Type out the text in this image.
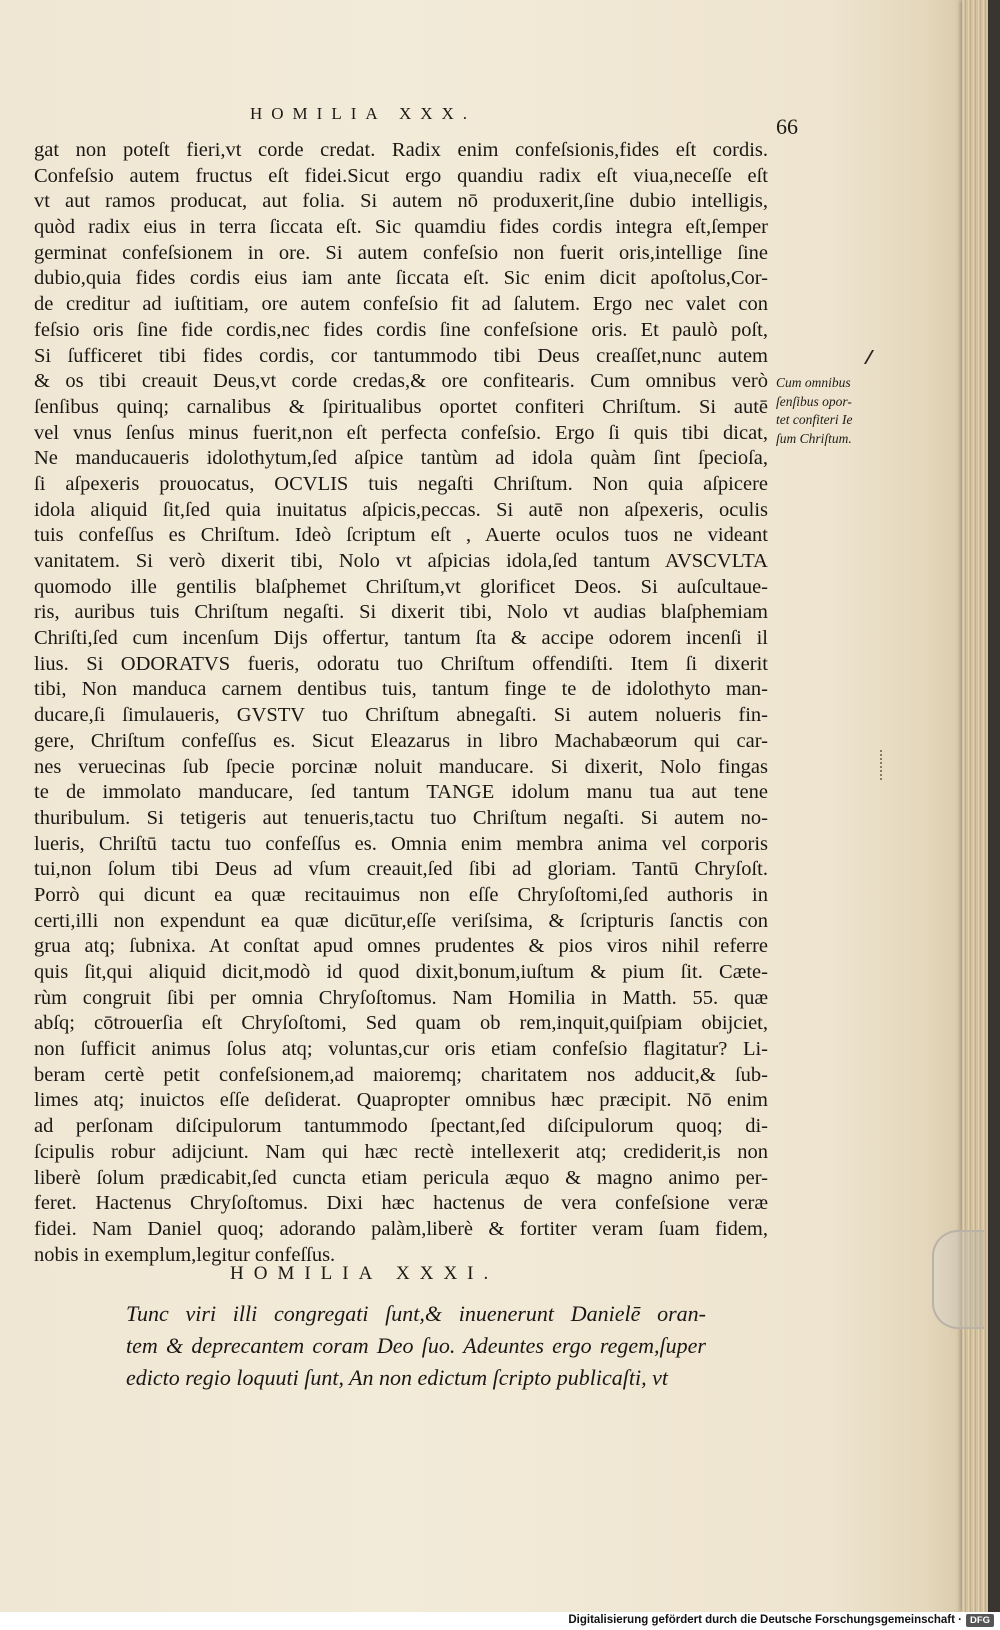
HOMILIA XXX.
66
gat non poteſt fieri,vt corde credat. Radix enim confeſsionis,fides eſt cordis.
Confeſsio autem fructus eſt fidei.Sicut ergo quandiu radix eſt viua,neceſſe eſt
vt aut ramos producat, aut folia. Si autem nō produxerit,ſine dubio intelligis,
quòd radix eius in terra ſiccata eſt. Sic quamdiu fides cordis integra eſt,ſemper
germinat confeſsionem in ore. Si autem confeſsio non fuerit oris,intellige ſine
dubio,quia fides cordis eius iam ante ſiccata eſt. Sic enim dicit apoſtolus,Cor-
de creditur ad iuſtitiam, ore autem confeſsio fit ad ſalutem. Ergo nec valet con
feſsio oris ſine fide cordis,nec fides cordis ſine confeſsione oris. Et paulò poſt,
Si ſufficeret tibi fides cordis, cor tantummodo tibi Deus creaſſet,nunc autem
& os tibi creauit Deus,vt corde credas,& ore confitearis. Cum omnibus verò
ſenſibus quinq; carnalibus & ſpiritualibus oportet confiteri Chriſtum. Si autē
vel vnus ſenſus minus fuerit,non eſt perfecta confeſsio. Ergo ſi quis tibi dicat,
Ne manducaueris idolothytum,ſed aſpice tantùm ad idola quàm ſint ſpecioſa,
ſi aſpexeris prouocatus, OCVLIS tuis negaſti Chriſtum. Non quia aſpicere
idola aliquid ſit,ſed quia inuitatus aſpicis,peccas. Si autē non aſpexeris, oculis
tuis confeſſus es Chriſtum. Ideò ſcriptum eſt , Auerte oculos tuos ne videant
vanitatem. Si verò dixerit tibi, Nolo vt aſpicias idola,ſed tantum AVSCVLTA
quomodo ille gentilis blaſphemet Chriſtum,vt glorificet Deos. Si auſcultaue-
ris, auribus tuis Chriſtum negaſti. Si dixerit tibi, Nolo vt audias blaſphemiam
Chriſti,ſed cum incenſum Dijs offertur, tantum ſta & accipe odorem incenſi il
lius. Si ODORATVS fueris, odoratu tuo Chriſtum offendiſti. Item ſi dixerit
tibi, Non manduca carnem dentibus tuis, tantum finge te de idolothyto man-
ducare,ſi ſimulaueris, GVSTV tuo Chriſtum abnegaſti. Si autem nolueris fin-
gere, Chriſtum confeſſus es. Sicut Eleazarus in libro Machabæorum qui car-
nes veruecinas ſub ſpecie porcinæ noluit manducare. Si dixerit, Nolo fingas
te de immolato manducare, ſed tantum TANGE idolum manu tua aut tene
thuribulum. Si tetigeris aut tenueris,tactu tuo Chriſtum negaſti. Si autem no-
lueris, Chriſtū tactu tuo confeſſus es. Omnia enim membra anima vel corporis
tui,non ſolum tibi Deus ad vſum creauit,ſed ſibi ad gloriam. Tantū Chryſoſt.
Porrò qui dicunt ea quæ recitauimus non eſſe Chryſoſtomi,ſed authoris in
certi,illi non expendunt ea quæ dicūtur,eſſe veriſsima, & ſcripturis ſanctis con
grua atq; ſubnixa. At conſtat apud omnes prudentes & pios viros nihil referre
quis ſit,qui aliquid dicit,modò id quod dixit,bonum,iuſtum & pium ſit. Cæte-
rùm congruit ſibi per omnia Chryſoſtomus. Nam Homilia in Matth. 55. quæ
abſq; cōtrouerſia eſt Chryſoſtomi, Sed quam ob rem,inquit,quiſpiam obijciet,
non ſufficit animus ſolus atq; voluntas,cur oris etiam confeſsio flagitatur? Li-
beram certè petit confeſsionem,ad maioremq; charitatem nos adducit,& ſub-
limes atq; inuictos eſſe deſiderat. Quapropter omnibus hæc præcipit. Nō enim
ad perſonam diſcipulorum tantummodo ſpectant,ſed diſcipulorum quoq; di-
ſcipulis robur adijciunt. Nam qui hæc rectè intellexerit atq; crediderit,is non
liberè ſolum prædicabit,ſed cuncta etiam pericula æquo & magno animo per-
feret. Hactenus Chryſoſtomus. Dixi hæc hactenus de vera confeſsione veræ
fidei. Nam Daniel quoq; adorando palàm,liberè & fortiter veram ſuam fidem,
nobis in exemplum,legitur confeſſus.
Cum omnibus
ſenſibus opor-
tet confiteri Ie
ſum Chriſtum.
HOMILIA XXXI.
Tunc viri illi congregati ſunt,& inuenerunt Danielē oran-
tem & deprecantem coram Deo ſuo. Adeuntes ergo regem,ſuper
edicto regio loquuti ſunt, An non edictum ſcripto publicaſti, vt
Digitalisierung gefördert durch die Deutsche Forschungsgemeinschaft · DFG
